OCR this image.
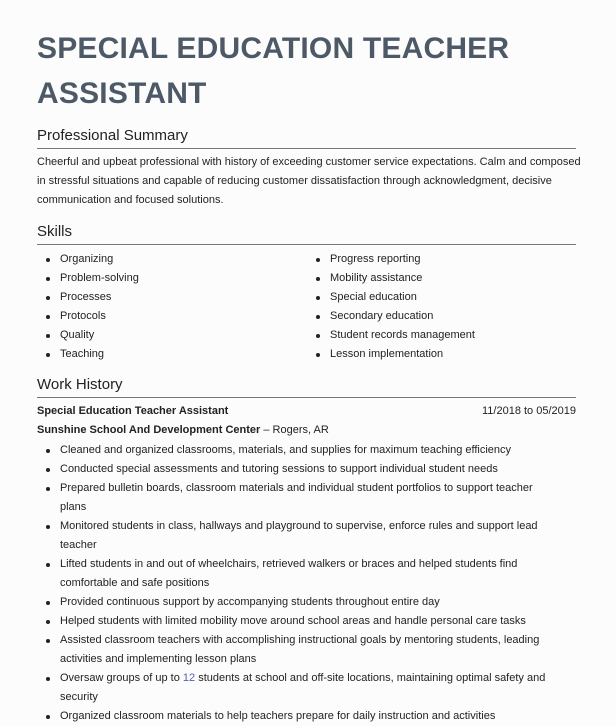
SPECIAL EDUCATION TEACHER ASSISTANT
Professional Summary

Cheerful and upbeat professional with history of exceeding customer service expectations. Calm and composed in stressful situations and capable of reducing customer dissatisfaction through acknowledgment, decisive communication and focused solutions.

Skills
Organizing
Problem-solving
Processes
Protocols
Quality
Teaching
Progress reporting
Mobility assistance
Special education
Secondary education
Student records management
Lesson implementation
Work History
Special Education Teacher Assistant	11/2018 to 05/2019
Sunshine School And Development Center – Rogers, AR
Cleaned and organized classrooms, materials, and supplies for maximum teaching efficiency
Conducted special assessments and tutoring sessions to support individual student needs
Prepared bulletin boards, classroom materials and individual student portfolios to support teacher plans
Monitored students in class, hallways and playground to supervise, enforce rules and support lead teacher
Lifted students in and out of wheelchairs, retrieved walkers or braces and helped students find comfortable and safe positions
Provided continuous support by accompanying students throughout entire day
Helped students with limited mobility move around school areas and handle personal care tasks
Assisted classroom teachers with accomplishing instructional goals by mentoring students, leading activities and implementing lesson plans
Oversaw groups of up to 12 students at school and off-site locations, maintaining optimal safety and security
Organized classroom materials to help teachers prepare for daily instruction and activities
